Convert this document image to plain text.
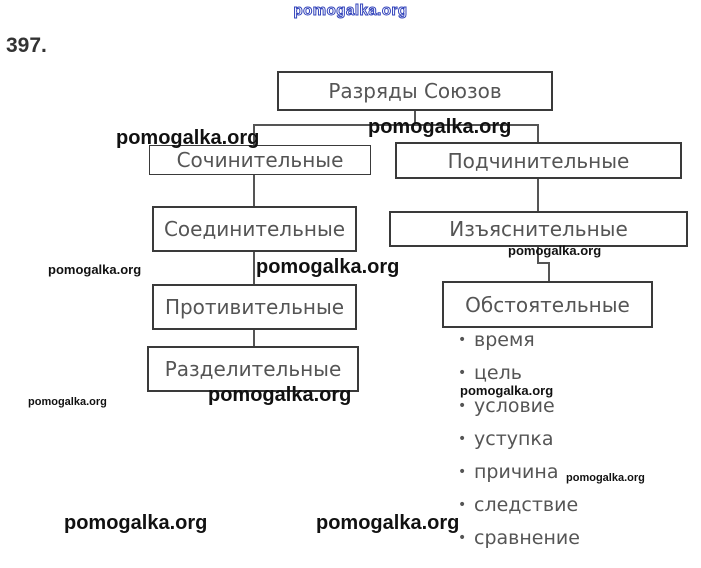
pomogalka.org
397.
Разряды Союзов
Сочинительные	Подчинительные
Соединительные
Противительные
Разделительные
Изъяснительные
Обстоятельные
• время
• цель
• условие
• уступка
• причина
• следствие
• сравнение
pomogalka.org	pomogalka.org
pomogalka.org	pomogalka.org
pomogalka.org
pomogalka.org
pomogalka.org
pomogalka.org
pomogalka.org
pomogalka.org	pomogalka.org
